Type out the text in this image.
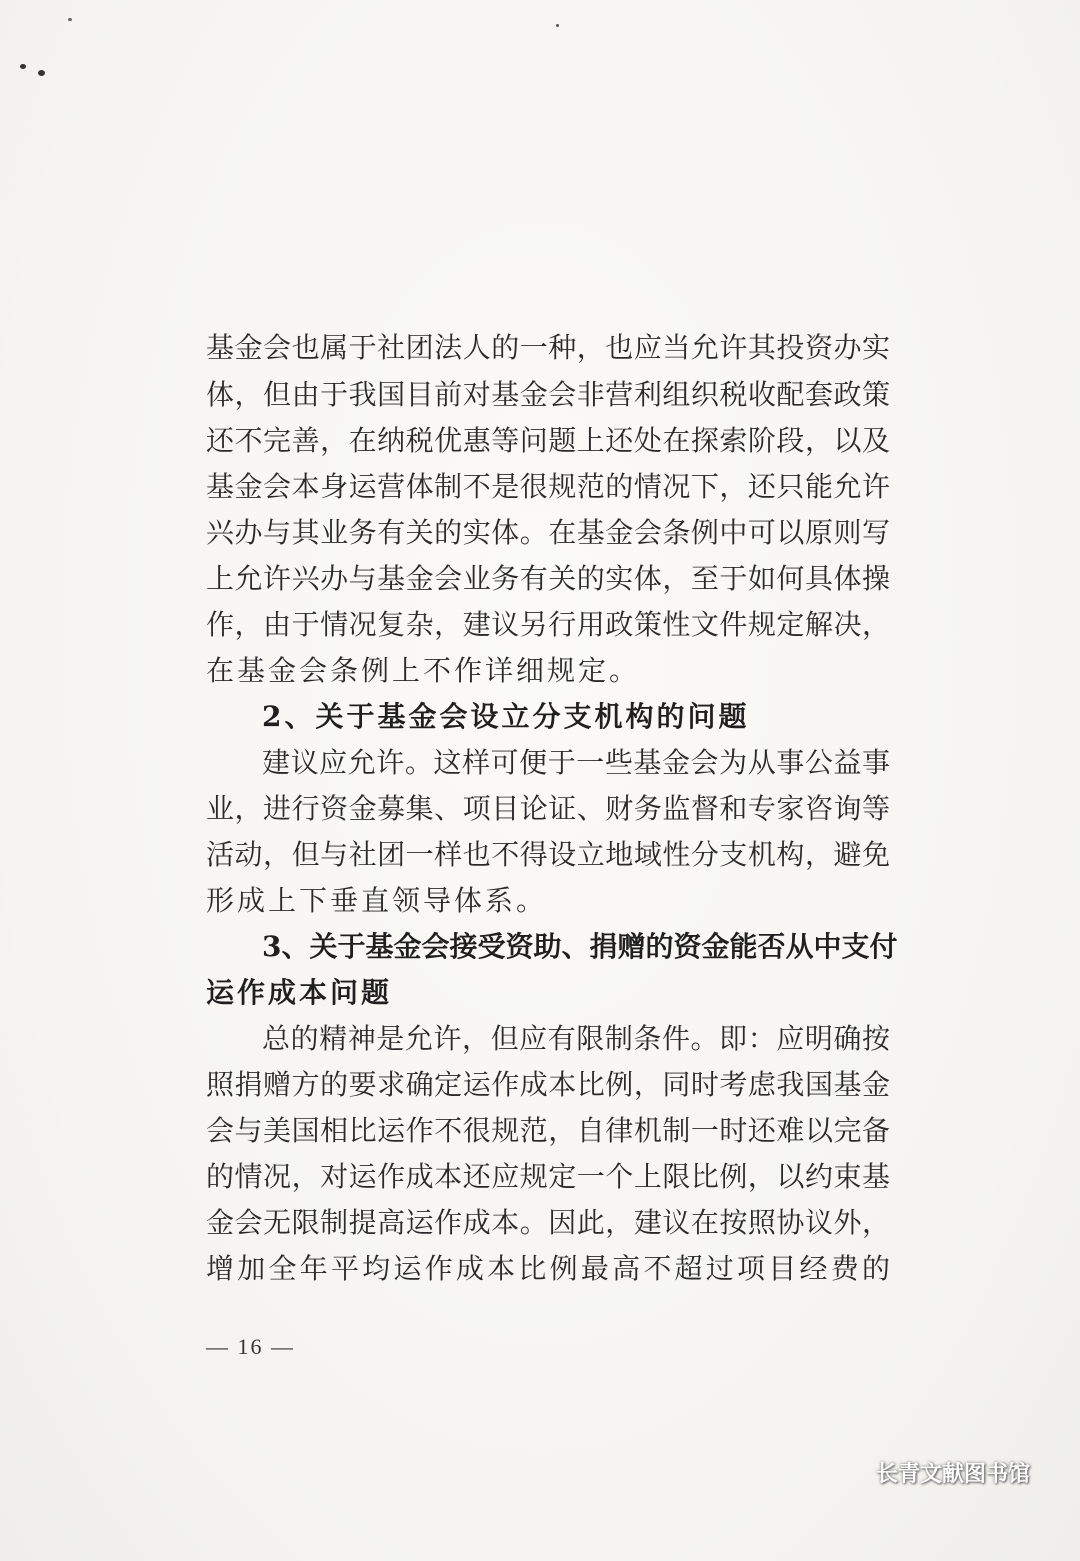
基金会也属于社团法人的一种，也应当允许其投资办实
体，但由于我国目前对基金会非营利组织税收配套政策
还不完善，在纳税优惠等问题上还处在探索阶段，以及
基金会本身运营体制不是很规范的情况下，还只能允许
兴办与其业务有关的实体。在基金会条例中可以原则写
上允许兴办与基金会业务有关的实体，至于如何具体操
作，由于情况复杂，建议另行用政策性文件规定解决，
在基金会条例上不作详细规定。
2、关于基金会设立分支机构的问题
建议应允许。这样可便于一些基金会为从事公益事
业，进行资金募集、项目论证、财务监督和专家咨询等
活动，但与社团一样也不得设立地域性分支机构，避免
形成上下垂直领导体系。
3、关于基金会接受资助、捐赠的资金能否从中支付
运作成本问题
总的精神是允许，但应有限制条件。即：应明确按
照捐赠方的要求确定运作成本比例，同时考虑我国基金
会与美国相比运作不很规范，自律机制一时还难以完备
的情况，对运作成本还应规定一个上限比例，以约束基
金会无限制提高运作成本。因此，建议在按照协议外，
增加全年平均运作成本比例最高不超过项目经费的
— 16 —
长青文献图书馆
